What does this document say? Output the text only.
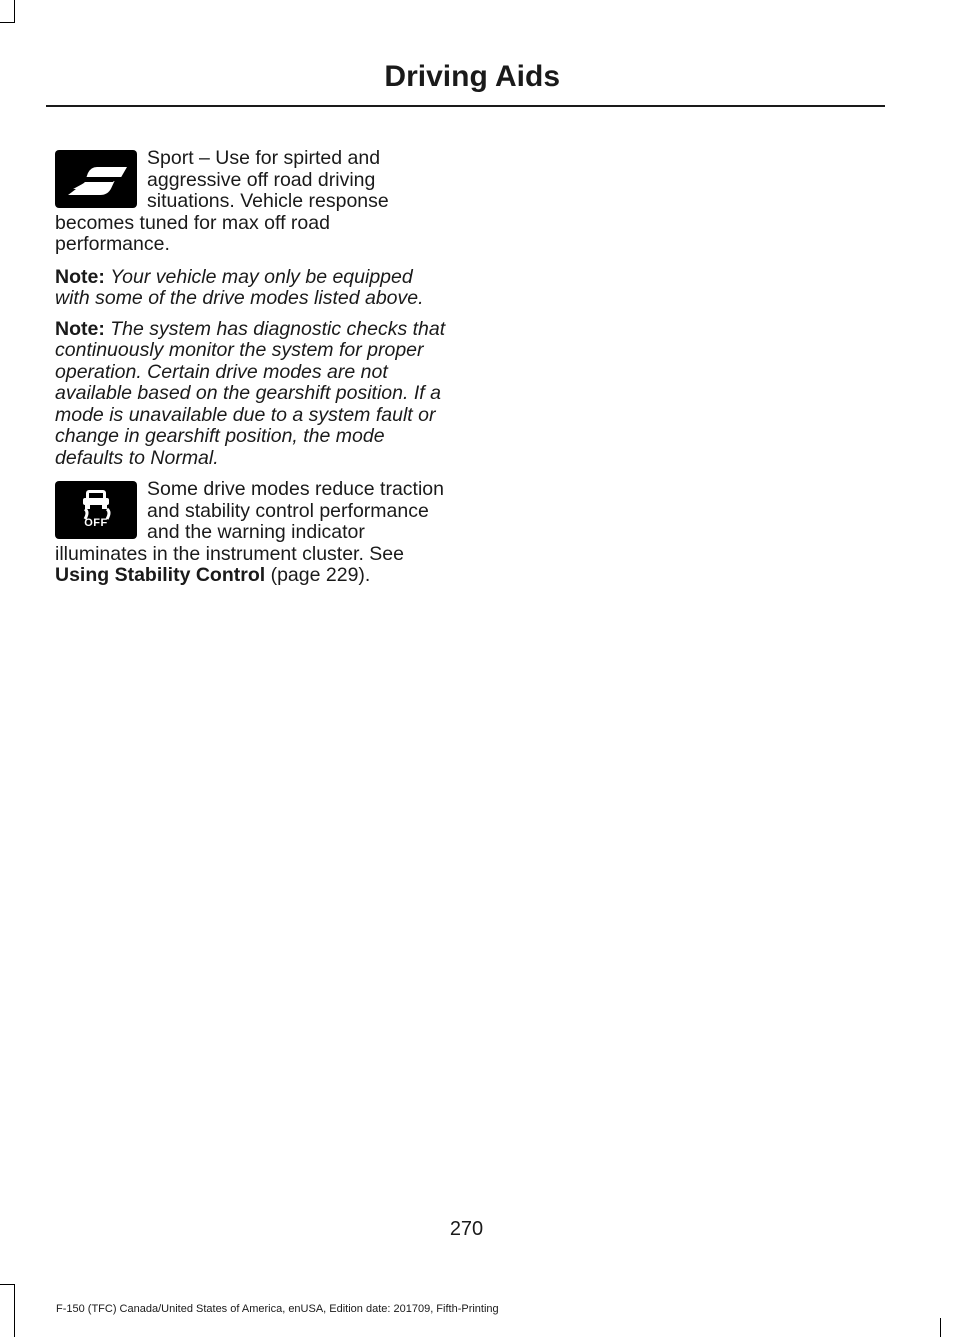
Driving Aids

Sport – Use for spirted and aggressive off road driving situations. Vehicle response becomes tuned for max off road performance.

Note: Your vehicle may only be equipped with some of the drive modes listed above.

Note: The system has diagnostic checks that continuously monitor the system for proper operation. Certain drive modes are not available based on the gearshift position. If a mode is unavailable due to a system fault or change in gearshift position, the mode defaults to Normal.

OFF
Some drive modes reduce traction and stability control performance and the warning indicator illuminates in the instrument cluster. See Using Stability Control (page 229).

270
F-150 (TFC) Canada/United States of America, enUSA, Edition date: 201709, Fifth-Printing
